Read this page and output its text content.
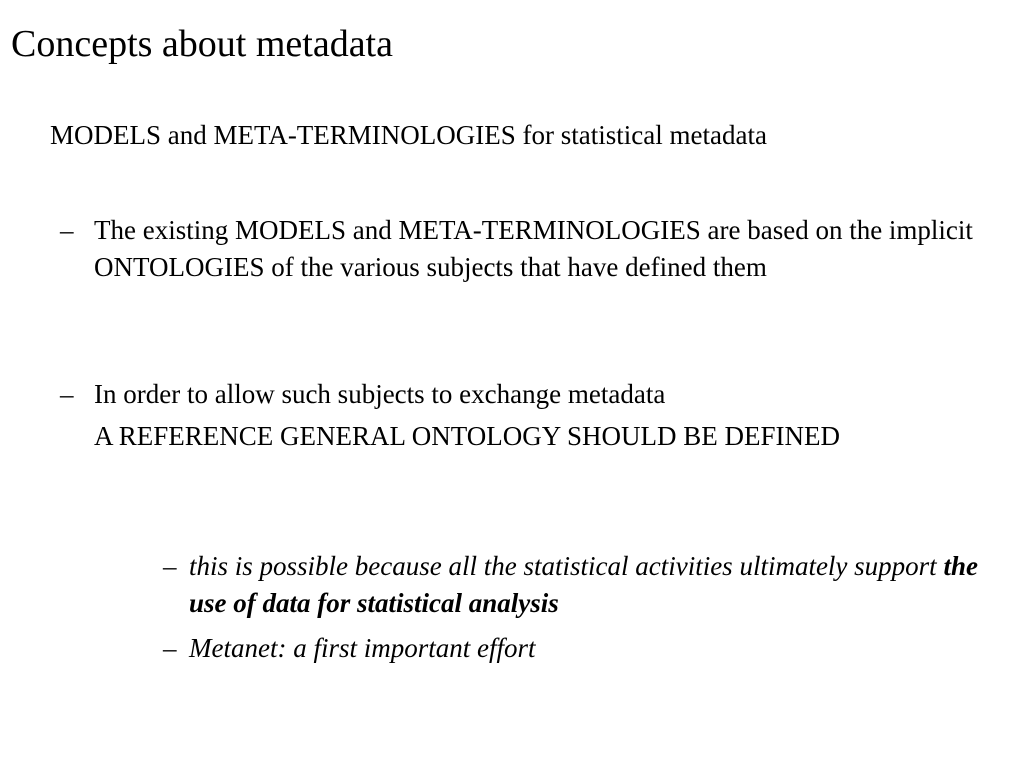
Concepts about metadata
MODELS and META-TERMINOLOGIES for statistical metadata
– The existing MODELS and META-TERMINOLOGIES are based on the implicit ONTOLOGIES of the various subjects that have defined them
– In order to allow such subjects to exchange metadata
A REFERENCE GENERAL ONTOLOGY SHOULD BE DEFINED
– this is possible because all the statistical activities ultimately support the use of data for statistical analysis
– Metanet: a first important effort
